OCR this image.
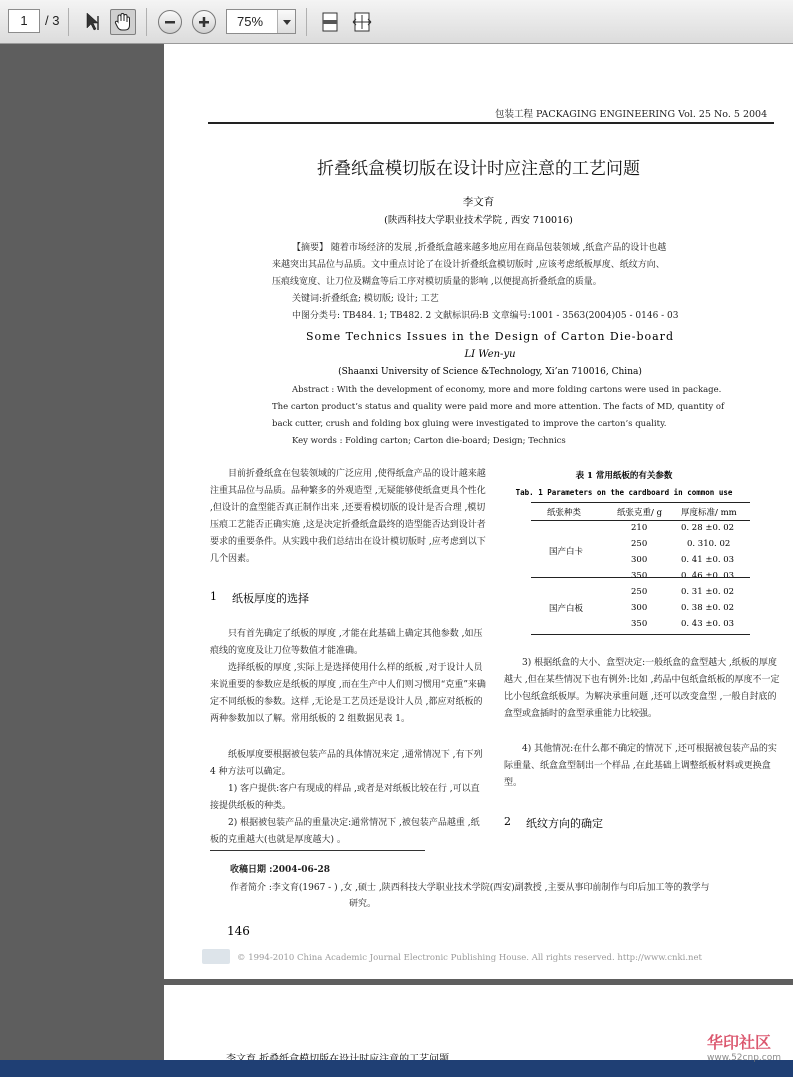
1	/ 3	75%
包装工程 PACKAGING ENGINEERING Vol. 25 No. 5 2004
折叠纸盒模切版在设计时应注意的工艺问题
李文育
(陕西科技大学职业技术学院 , 西安 710016)
【摘要】 随着市场经济的发展 ,折叠纸盒越来越多地应用在商品包装领域 ,纸盒产品的设计也越
来越突出其品位与品质。文中重点讨论了在设计折叠纸盒模切版时 ,应该考虑纸板厚度、纸纹方向、
压痕线宽度、让刀位及糊盒等后工序对模切质量的影响 ,以便提高折叠纸盒的质量。
关键词:折叠纸盒; 模切版; 设计; 工艺
中图分类号: TB484. 1; TB482. 2 文献标识码:B 文章编号:1001 - 3563(2004)05 - 0146 - 03
Some Technics Issues in the Design of Carton Die-board
LI Wen-yu
(Shaanxi University of Science &Technology, Xi’an 710016, China)
Abstract : With the development of economy, more and more folding cartons were used in package.
The carton product’s status and quality were paid more and more attention. The facts of MD, quantity of
back cutter, crush and folding box gluing were investigated to improve the carton’s quality.
Key words : Folding carton; Carton die-board; Design; Technics
目前折叠纸盒在包装领域的广泛应用 ,使得纸盒产品的设计越来越注重其品位与品质。品种繁多的外观造型 ,无疑能够使纸盒更具个性化 ,但设计的盒型能否真正制作出来 ,还要看模切版的设计是否合理 ,模切压痕工艺能否正确实施 ,这是决定折叠纸盒最终的造型能否达到设计者要求的重要条件。从实践中我们总结出在设计模切版时 ,应考虑到以下几个因素。
1 纸板厚度的选择
只有首先确定了纸板的厚度 ,才能在此基础上确定其他参数 ,如压痕线的宽度及让刀位等数值才能准确。
选择纸板的厚度 ,实际上是选择使用什么样的纸板 ,对于设计人员来说重要的参数应是纸板的厚度 ,而在生产中人们则习惯用“克重”来确定不同纸板的参数。这样 ,无论是工艺员还是设计人员 ,都应对纸板的两种参数加以了解。常用纸板的 2 组数据见表 1。
纸板厚度要根据被包装产品的具体情况来定 ,通常情况下 ,有下列 4 种方法可以确定。
1) 客户提供:客户有现成的样品 ,或者是对纸板比较在行 ,可以直接提供纸板的种类。
2) 根据被包装产品的重量决定:通常情况下 ,被包装产品越重 ,纸板的克重越大(也就是厚度越大) 。
表 1 常用纸板的有关参数
Tab. 1 Parameters on the cardboard in common use
纸张种类	纸张克重/ g 厚度标准/ mm
国产白卡
210	0. 28 ±0. 02
250	0. 310. 02
300	0. 41 ±0. 03
350	0. 46 ±0. 03
国产白板
250	0. 31 ±0. 02
300	0. 38 ±0. 02
350	0. 43 ±0. 03
3) 根据纸盒的大小、盒型决定:一般纸盒的盒型越大 ,纸板的厚度越大 ,但在某些情况下也有例外:比如 ,药品中包纸盒纸板的厚度不一定比小包纸盒纸板厚。为解决承重问题 ,还可以改变盒型 ,一般自封底的盒型或盒插时的盒型承重能力比较强。
4) 其他情况:在什么都不确定的情况下 ,还可根据被包装产品的实际重量、纸盒盒型制出一个样品 ,在此基础上调整纸板材料或更换盒型。
2 纸纹方向的确定
收稿日期 :2004-06-28
作者简介 :李文育(1967 - ) ,女 ,硕士 ,陕西科技大学职业技术学院(西安)副教授 ,主要从事印前制作与印后加工等的教学与
研究。
146
© 1994-2010 China Academic Journal Electronic Publishing House. All rights reserved. http://www.cnki.net
华印社区
www.52cnp.com
